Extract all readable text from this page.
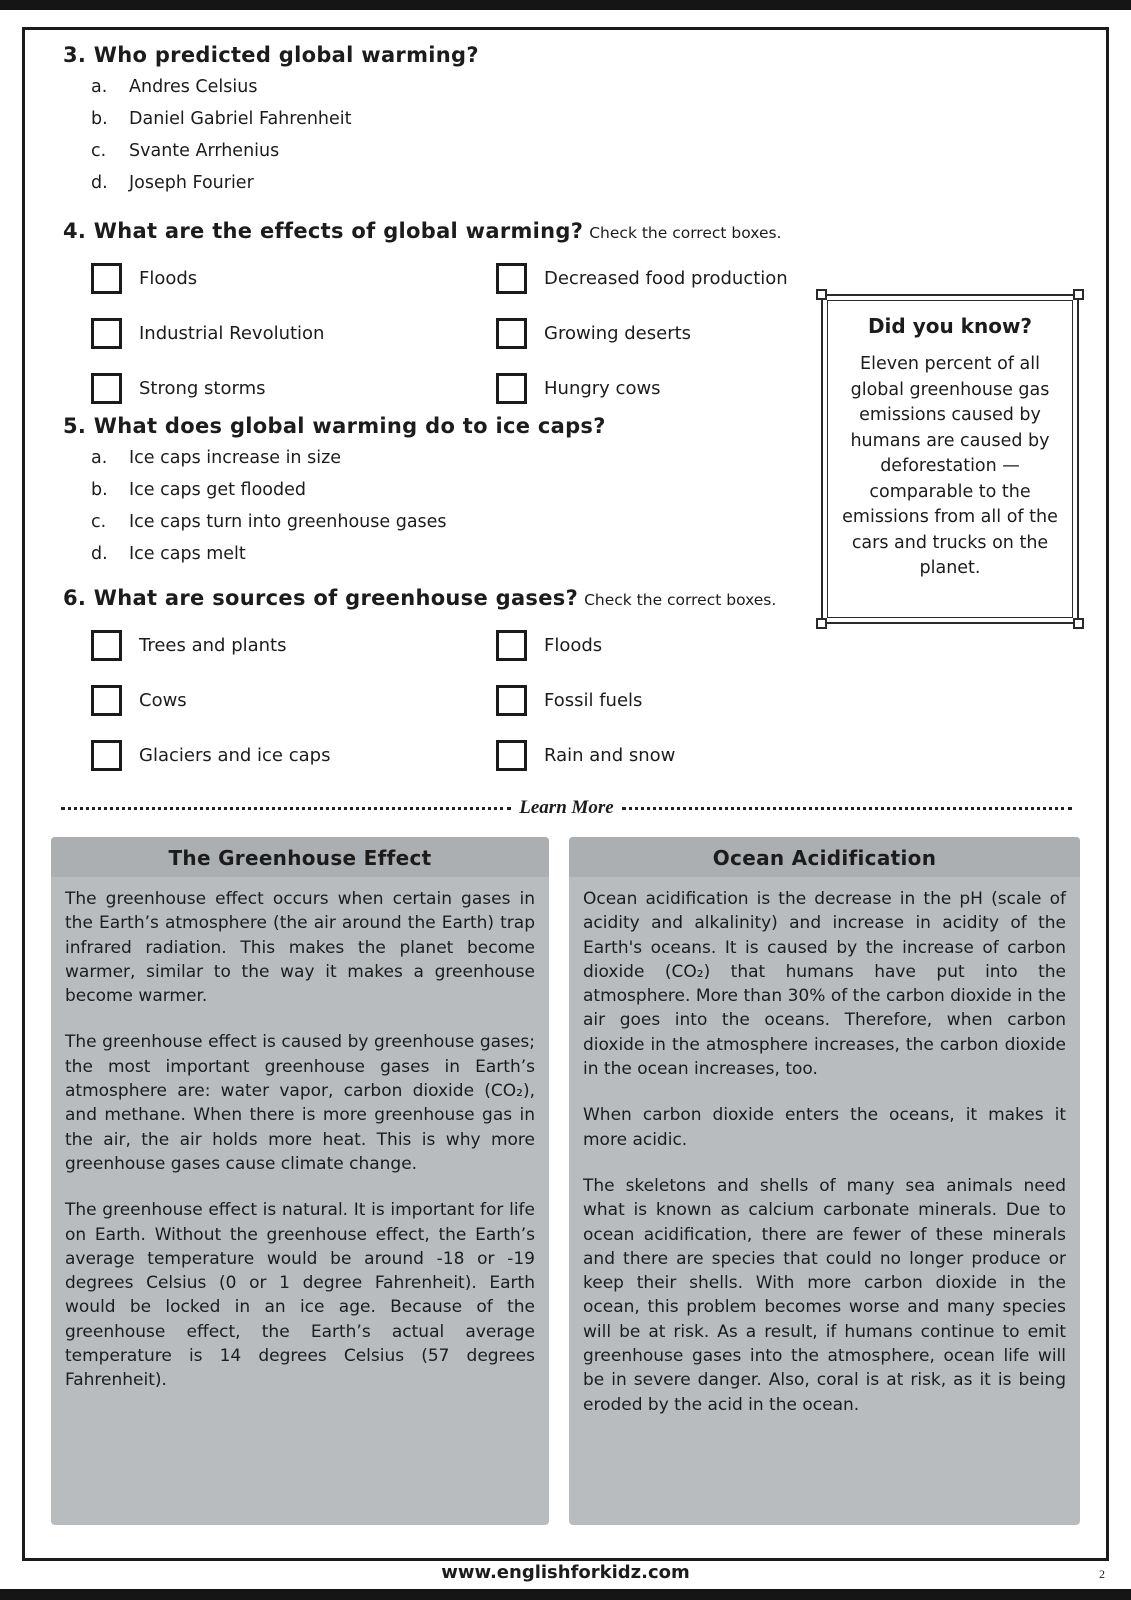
3. Who predicted global warming?
a.	Andres Celsius
b.	Daniel Gabriel Fahrenheit
c.	Svante Arrhenius
d.	Joseph Fourier
4. What are the effects of global warming? Check the correct boxes.
Floods	Decreased food production
Industrial Revolution	Growing deserts
Strong storms	Hungry cows
Did you know?
Eleven percent of all global greenhouse gas emissions caused by humans are caused by deforestation — comparable to the emissions from all of the cars and trucks on the planet.
5. What does global warming do to ice caps?
a.	Ice caps increase in size
b.	Ice caps get flooded
c.	Ice caps turn into greenhouse gases
d.	Ice caps melt
6. What are sources of greenhouse gases? Check the correct boxes.
Trees and plants	Floods
Cows	Fossil fuels
Glaciers and ice caps	Rain and snow
Learn More
The Greenhouse Effect

The greenhouse effect occurs when certain gases in the Earth’s atmosphere (the air around the Earth) trap infrared radiation. This makes the planet become warmer, similar to the way it makes a greenhouse become warmer.

The greenhouse effect is caused by greenhouse gases; the most important greenhouse gases in Earth’s atmosphere are: water vapor, carbon dioxide (CO₂), and methane. When there is more greenhouse gas in the air, the air holds more heat. This is why more greenhouse gases cause climate change.

The greenhouse effect is natural. It is important for life on Earth. Without the greenhouse effect, the Earth’s average temperature would be around -18 or -19 degrees Celsius (0 or 1 degree Fahrenheit). Earth would be locked in an ice age. Because of the greenhouse effect, the Earth’s actual average temperature is 14 degrees Celsius (57 degrees Fahrenheit).

Ocean Acidification

Ocean acidification is the decrease in the pH (scale of acidity and alkalinity) and increase in acidity of the Earth's oceans. It is caused by the increase of carbon dioxide (CO₂) that humans have put into the atmosphere. More than 30% of the carbon dioxide in the air goes into the oceans. Therefore, when carbon dioxide in the atmosphere increases, the carbon dioxide in the ocean increases, too.

When carbon dioxide enters the oceans, it makes it more acidic.

The skeletons and shells of many sea animals need what is known as calcium carbonate minerals. Due to ocean acidification, there are fewer of these minerals and there are species that could no longer produce or keep their shells. With more carbon dioxide in the ocean, this problem becomes worse and many species will be at risk. As a result, if humans continue to emit greenhouse gases into the atmosphere, ocean life will be in severe danger. Also, coral is at risk, as it is being eroded by the acid in the ocean.

www.englishforkidz.com	2
